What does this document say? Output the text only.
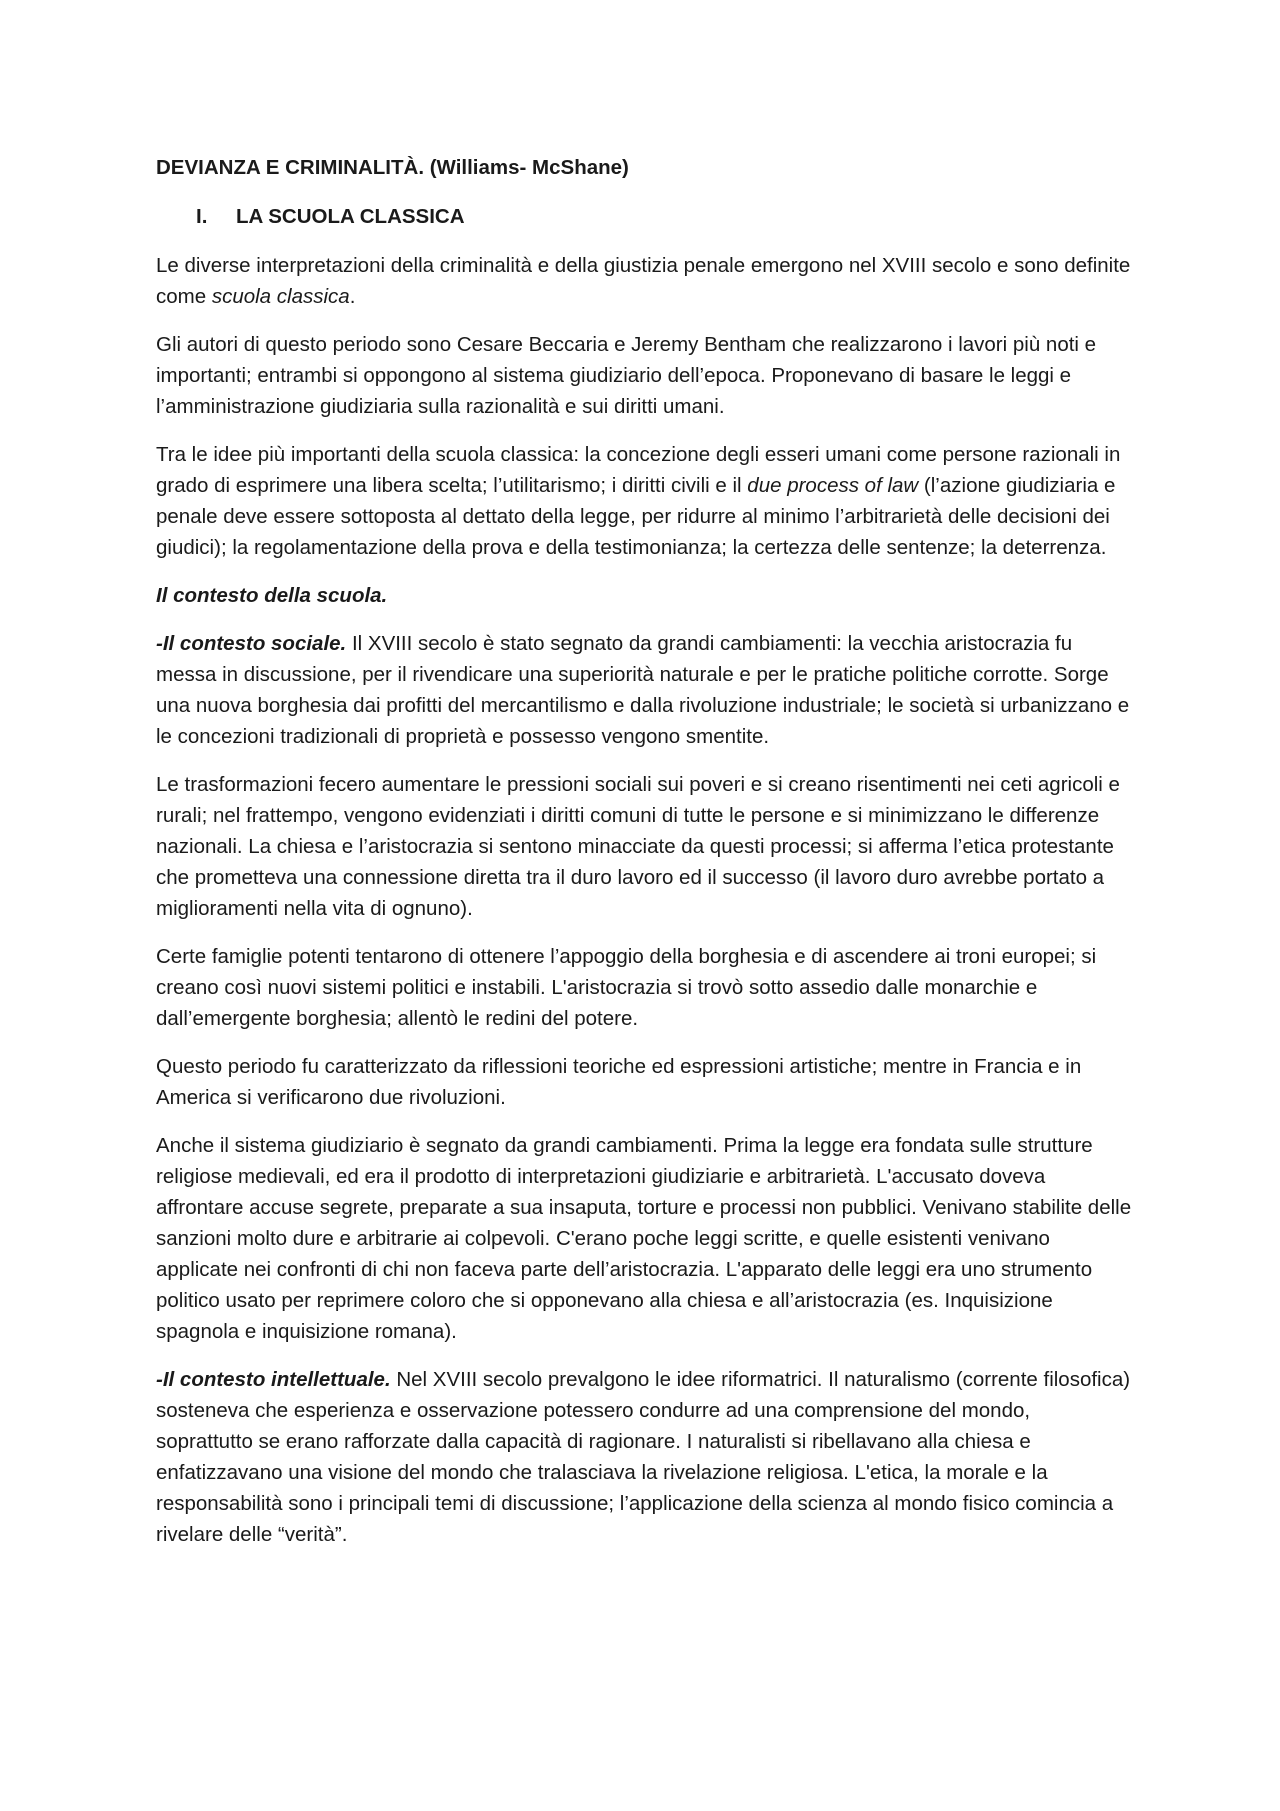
DEVIANZA E CRIMINALITÀ. (Williams- McShane)
I. LA SCUOLA CLASSICA

Le diverse interpretazioni della criminalità e della giustizia penale emergono nel XVIII secolo e sono definite come scuola classica.

Gli autori di questo periodo sono Cesare Beccaria e Jeremy Bentham che realizzarono i lavori più noti e importanti; entrambi si oppongono al sistema giudiziario dell’epoca. Proponevano di basare le leggi e l’amministrazione giudiziaria sulla razionalità e sui diritti umani.

Tra le idee più importanti della scuola classica: la concezione degli esseri umani come persone razionali in grado di esprimere una libera scelta; l’utilitarismo; i diritti civili e il due process of law (l’azione giudiziaria e penale deve essere sottoposta al dettato della legge, per ridurre al minimo l’arbitrarietà delle decisioni dei giudici); la regolamentazione della prova e della testimonianza; la certezza delle sentenze; la deterrenza.

Il contesto della scuola.

-Il contesto sociale. Il XVIII secolo è stato segnato da grandi cambiamenti: la vecchia aristocrazia fu messa in discussione, per il rivendicare una superiorità naturale e per le pratiche politiche corrotte. Sorge una nuova borghesia dai profitti del mercantilismo e dalla rivoluzione industriale; le società si urbanizzano e le concezioni tradizionali di proprietà e possesso vengono smentite.

Le trasformazioni fecero aumentare le pressioni sociali sui poveri e si creano risentimenti nei ceti agricoli e rurali; nel frattempo, vengono evidenziati i diritti comuni di tutte le persone e si minimizzano le differenze nazionali. La chiesa e l’aristocrazia si sentono minacciate da questi processi; si afferma l’etica protestante che prometteva una connessione diretta tra il duro lavoro ed il successo (il lavoro duro avrebbe portato a miglioramenti nella vita di ognuno).

Certe famiglie potenti tentarono di ottenere l’appoggio della borghesia e di ascendere ai troni europei; si creano così nuovi sistemi politici e instabili. L'aristocrazia si trovò sotto assedio dalle monarchie e dall’emergente borghesia; allentò le redini del potere.

Questo periodo fu caratterizzato da riflessioni teoriche ed espressioni artistiche; mentre in Francia e in America si verificarono due rivoluzioni.

Anche il sistema giudiziario è segnato da grandi cambiamenti. Prima la legge era fondata sulle strutture religiose medievali, ed era il prodotto di interpretazioni giudiziarie e arbitrarietà. L'accusato doveva affrontare accuse segrete, preparate a sua insaputa, torture e processi non pubblici. Venivano stabilite delle sanzioni molto dure e arbitrarie ai colpevoli. C'erano poche leggi scritte, e quelle esistenti venivano applicate nei confronti di chi non faceva parte dell’aristocrazia. L'apparato delle leggi era uno strumento politico usato per reprimere coloro che si opponevano alla chiesa e all’aristocrazia (es. Inquisizione spagnola e inquisizione romana).

-Il contesto intellettuale. Nel XVIII secolo prevalgono le idee riformatrici. Il naturalismo (corrente filosofica) sosteneva che esperienza e osservazione potessero condurre ad una comprensione del mondo, soprattutto se erano rafforzate dalla capacità di ragionare. I naturalisti si ribellavano alla chiesa e enfatizzavano una visione del mondo che tralasciava la rivelazione religiosa. L'etica, la morale e la responsabilità sono i principali temi di discussione; l’applicazione della scienza al mondo fisico comincia a rivelare delle “verità”.
